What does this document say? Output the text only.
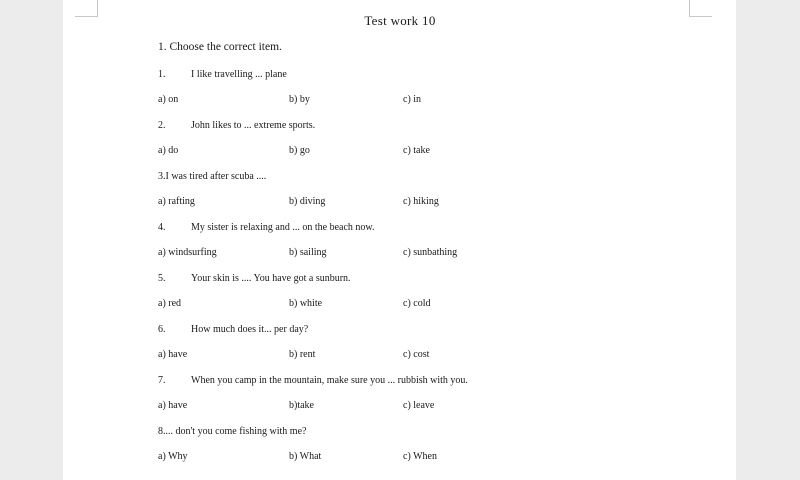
Test work 10
1. Choose the correct item.
1.	I like travelling ... plane
a) on	b) by	c) in
2.	John likes to ... extreme sports.
a) do	b) go	c) take
3.I was tired after scuba ....
a) rafting	b) diving	c) hiking
4.	My sister is relaxing and ... on the beach now.
a) windsurfing	b) sailing	c) sunbathing
5.	Your skin is .... You have got a sunburn.
a) red	b) white	c) cold
6.	How much does it... per day?
a) have	b) rent	c) cost
7.	When you camp in the mountain, make sure you ... rubbish with you.
a) have	b)take	c) leave
8.... don't you come fishing with me?
a) Why	b) What	c) When
